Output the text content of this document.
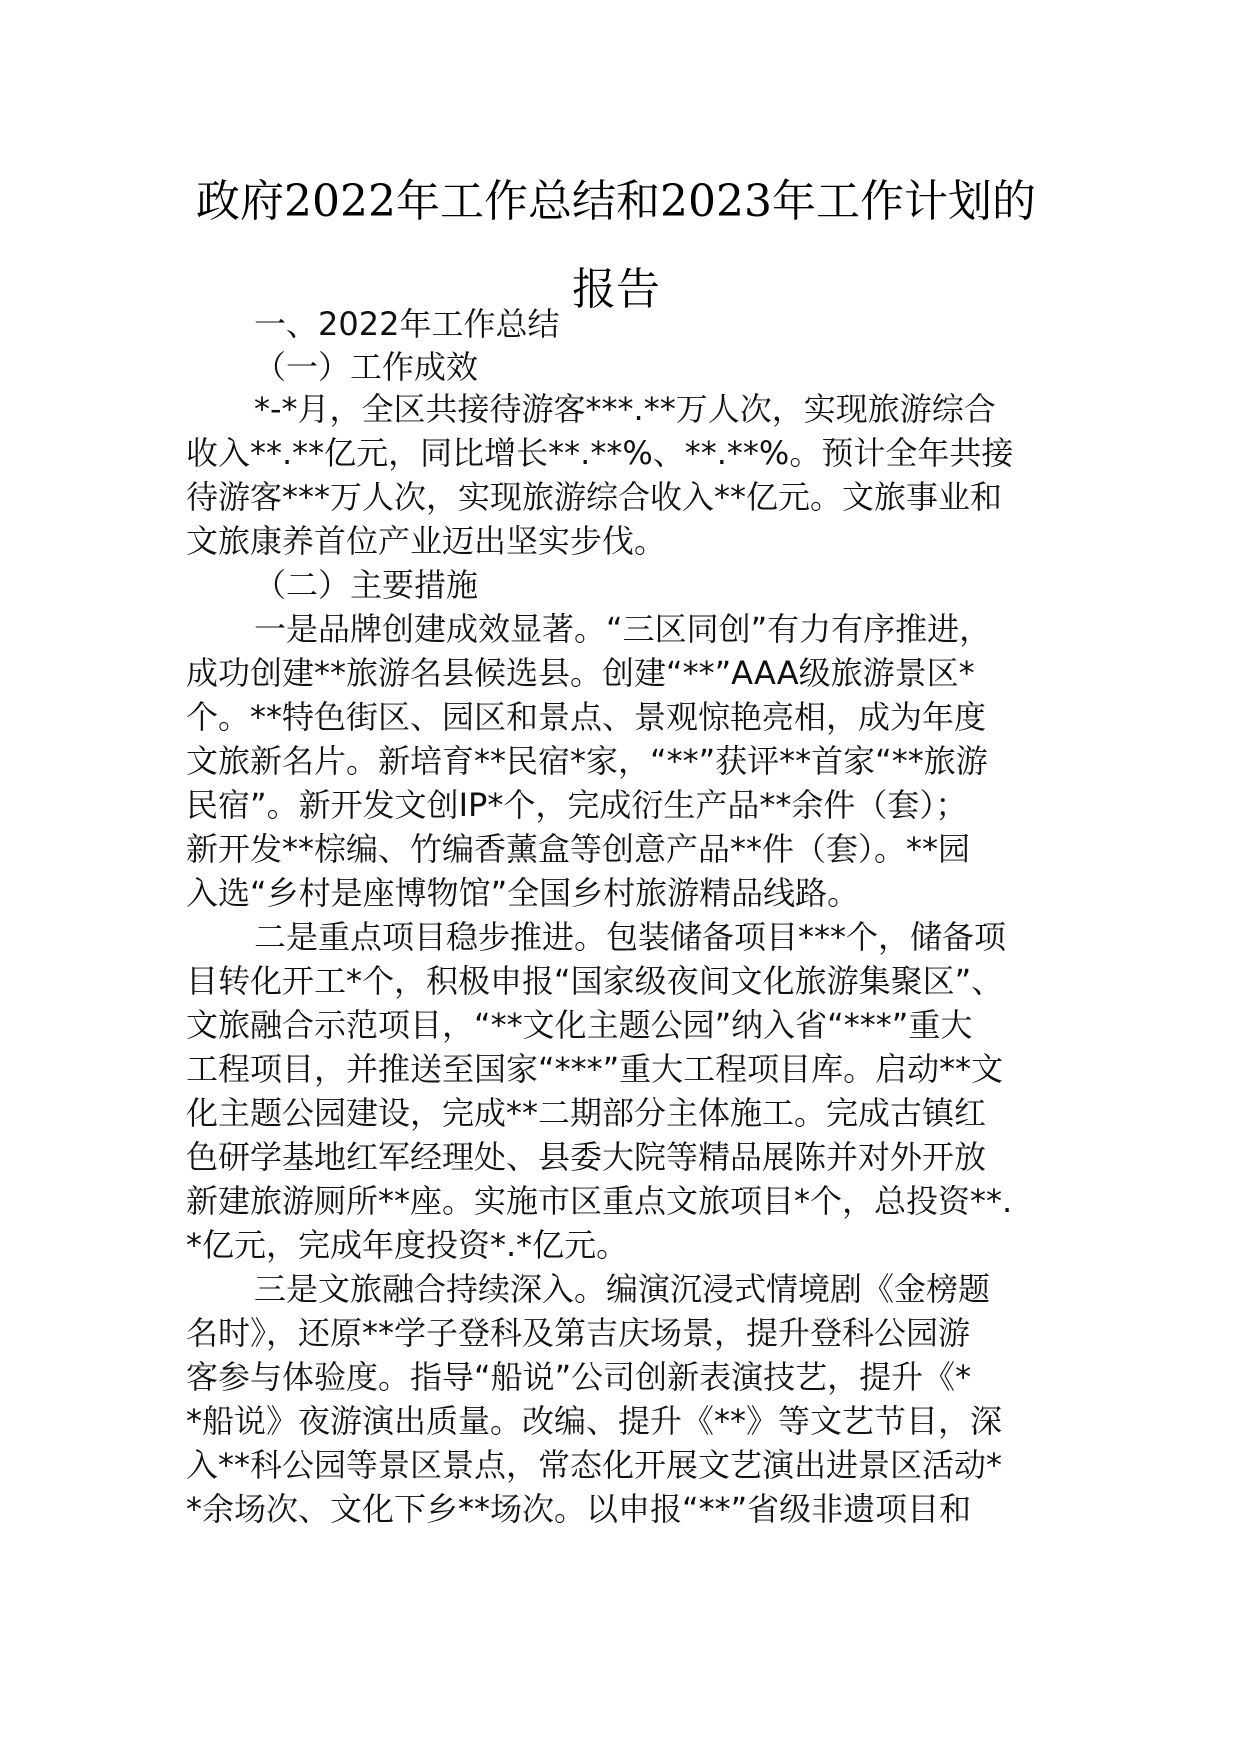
政府2022年工作总结和2023年工作计划的
报告
一、2022年工作总结
（一）工作成效
*-*月，全区共接待游客***.**万人次，实现旅游综合
收入**.**亿元，同比增长**.**%、**.**%。预计全年共接
待游客***万人次，实现旅游综合收入**亿元。文旅事业和
文旅康养首位产业迈出坚实步伐。
（二）主要措施
一是品牌创建成效显著。“三区同创”有力有序推进，
成功创建**旅游名县候选县。创建“**”AAA级旅游景区*
个。**特色街区、园区和景点、景观惊艳亮相，成为年度
文旅新名片。新培育**民宿*家，“**”获评**首家“**旅游
民宿”。新开发文创IP*个，完成衍生产品**余件（套）；
新开发**棕编、竹编香薰盒等创意产品**件（套）。**园
入选“乡村是座博物馆”全国乡村旅游精品线路。
二是重点项目稳步推进。包装储备项目***个，储备项
目转化开工*个，积极申报“国家级夜间文化旅游集聚区”、
文旅融合示范项目，“**文化主题公园”纳入省“***”重大
工程项目，并推送至国家“***”重大工程项目库。启动**文
化主题公园建设，完成**二期部分主体施工。完成古镇红
色研学基地红军经理处、县委大院等精品展陈并对外开放
新建旅游厕所**座。实施市区重点文旅项目*个，总投资**.
*亿元，完成年度投资*.*亿元。
三是文旅融合持续深入。编演沉浸式情境剧《金榜题
名时》，还原**学子登科及第吉庆场景，提升登科公园游
客参与体验度。指导“船说”公司创新表演技艺，提升《*
*船说》夜游演出质量。改编、提升《**》等文艺节目，深
入**科公园等景区景点，常态化开展文艺演出进景区活动*
*余场次、文化下乡**场次。以申报“**”省级非遗项目和
